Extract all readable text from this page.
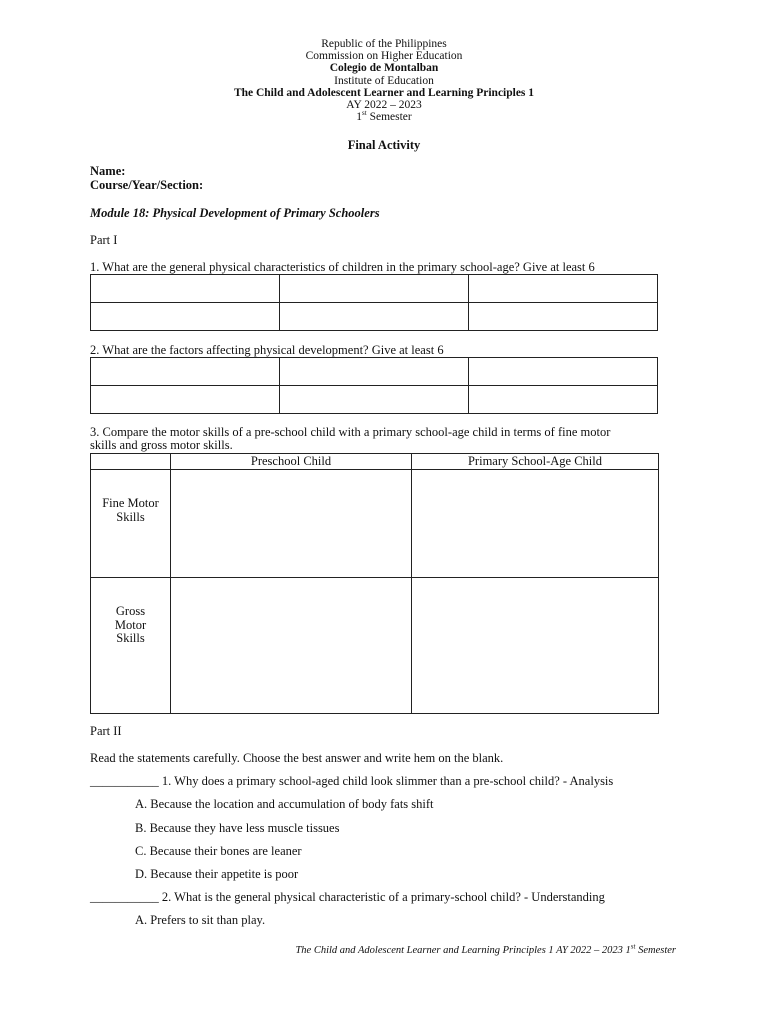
Republic of the Philippines
Commission on Higher Education
Colegio de Montalban
Institute of Education
The Child and Adolescent Learner and Learning Principles 1
AY 2022 – 2023
1st Semester
Final Activity
Name:
Course/Year/Section:
Module 18: Physical Development of Primary Schoolers
Part I
1. What are the general physical characteristics of children in the primary school-age? Give at least 6

2. What are the factors affecting physical development? Give at least 6

3. Compare the motor skills of a pre-school child with a primary school-age child in terms of fine motor
skills and gross motor skills.
	Preschool Child	Primary School-Age Child

Fine Motor
Skills		

Gross
Motor
Skills		

Part II
Read the statements carefully. Choose the best answer and write hem on the blank.
___________ 1. Why does a primary school-aged child look slimmer than a pre-school child? - Analysis
A. Because the location and accumulation of body fats shift
B. Because they have less muscle tissues
C. Because their bones are leaner
D. Because their appetite is poor
___________ 2. What is the general physical characteristic of a primary-school child? - Understanding
A. Prefers to sit than play.
The Child and Adolescent Learner and Learning Principles 1 AY 2022 – 2023 1st Semester
